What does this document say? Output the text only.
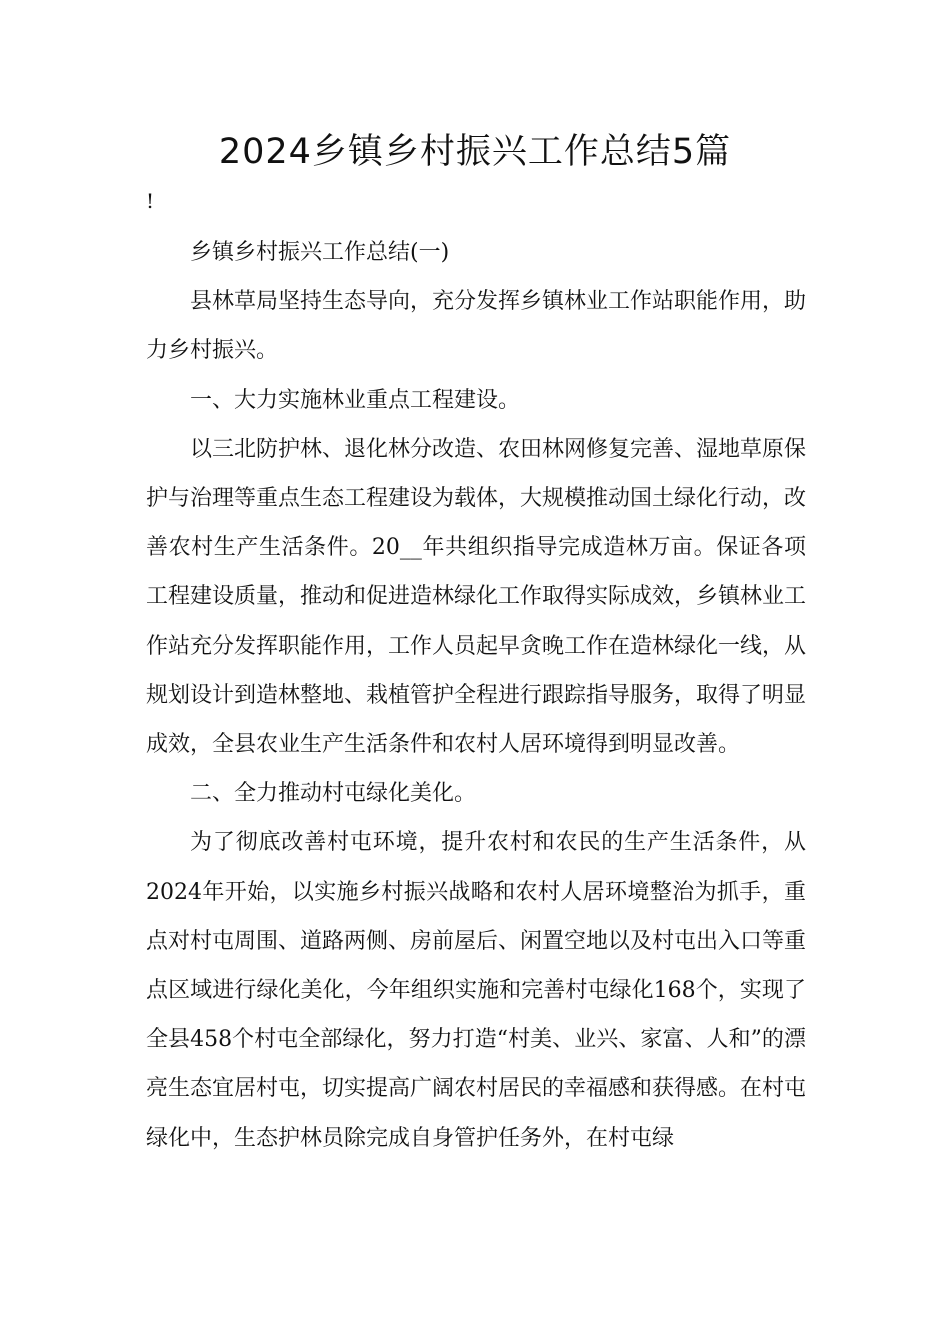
2024乡镇乡村振兴工作总结5篇
!

乡镇乡村振兴工作总结(一)

县林草局坚持生态导向，充分发挥乡镇林业工作站职能作用，助力乡村振兴。

一、大力实施林业重点工程建设。

以三北防护林、退化林分改造、农田林网修复完善、湿地草原保护与治理等重点生态工程建设为载体，大规模推动国土绿化行动，改善农村生产生活条件。20__年共组织指导完成造林万亩。保证各项工程建设质量，推动和促进造林绿化工作取得实际成效，乡镇林业工作站充分发挥职能作用，工作人员起早贪晚工作在造林绿化一线，从规划设计到造林整地、栽植管护全程进行跟踪指导服务，取得了明显成效，全县农业生产生活条件和农村人居环境得到明显改善。

二、全力推动村屯绿化美化。

为了彻底改善村屯环境，提升农村和农民的生产生活条件，从2024年开始，以实施乡村振兴战略和农村人居环境整治为抓手，重点对村屯周围、道路两侧、房前屋后、闲置空地以及村屯出入口等重点区域进行绿化美化，今年组织实施和完善村屯绿化168个，实现了全县458个村屯全部绿化，努力打造“村美、业兴、家富、人和”的漂亮生态宜居村屯，切实提高广阔农村居民的幸福感和获得感。在村屯绿化中，生态护林员除完成自身管护任务外，在村屯绿
